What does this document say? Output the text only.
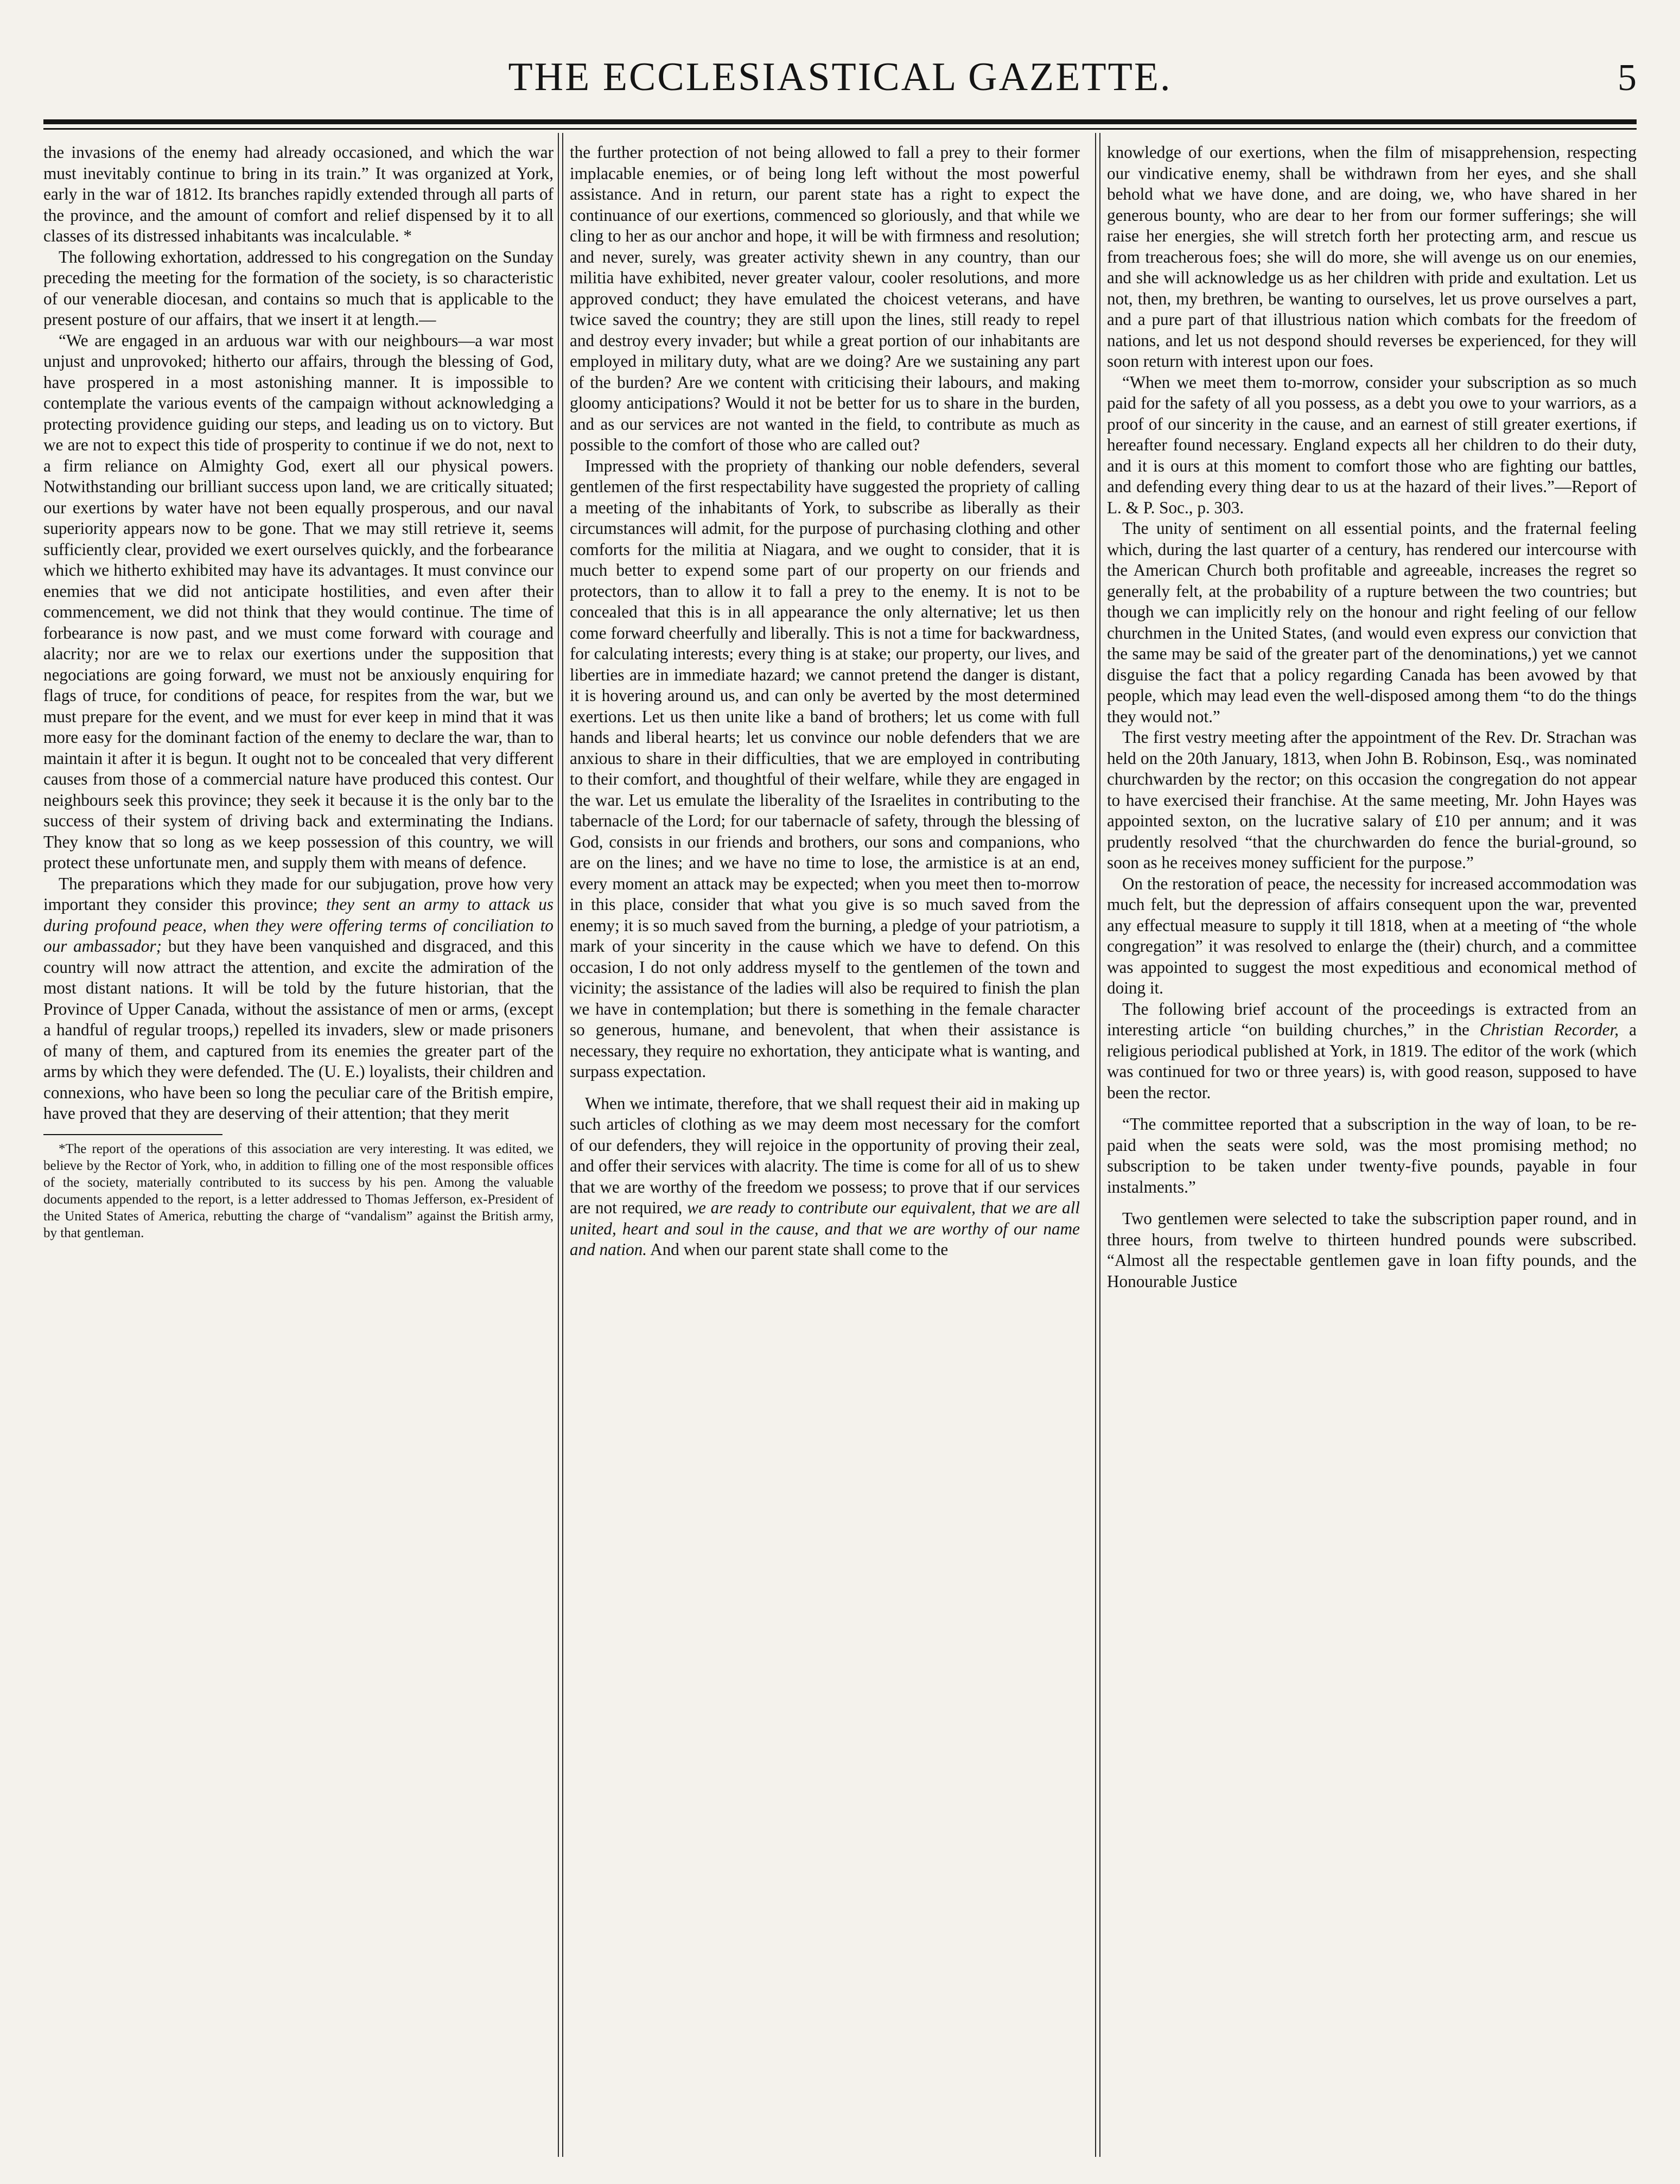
THE ECCLESIASTICAL GAZETTE.	5

the invasions of the enemy had already occasioned, and which the war must inevitably continue to bring in its train.” It was organized at York, early in the war of 1812. Its branches rapidly extended through all parts of the province, and the amount of comfort and relief dispensed by it to all classes of its distressed inhabitants was incalculable. *

The following exhortation, addressed to his congregation on the Sunday preceding the meeting for the formation of the society, is so characteristic of our venerable diocesan, and contains so much that is applicable to the present posture of our affairs, that we insert it at length.—

“We are engaged in an arduous war with our neighbours—a war most unjust and unprovoked; hitherto our affairs, through the blessing of God, have prospered in a most astonishing manner. It is impossible to contemplate the various events of the campaign without acknowledging a protecting providence guiding our steps, and leading us on to victory. But we are not to expect this tide of prosperity to continue if we do not, next to a firm reliance on Almighty God, exert all our physical powers. Notwithstanding our brilliant success upon land, we are critically situated; our exertions by water have not been equally prosperous, and our naval superiority appears now to be gone. That we may still retrieve it, seems sufficiently clear, provided we exert ourselves quickly, and the forbearance which we hitherto exhibited may have its advantages. It must convince our enemies that we did not anticipate hostilities, and even after their commencement, we did not think that they would continue. The time of forbearance is now past, and we must come forward with courage and alacrity; nor are we to relax our exertions under the supposition that negociations are going forward, we must not be anxiously enquiring for flags of truce, for conditions of peace, for respites from the war, but we must prepare for the event, and we must for ever keep in mind that it was more easy for the dominant faction of the enemy to declare the war, than to maintain it after it is begun. It ought not to be concealed that very different causes from those of a commercial nature have produced this contest. Our neighbours seek this province; they seek it because it is the only bar to the success of their system of driving back and exterminating the Indians. They know that so long as we keep possession of this country, we will protect these unfortunate men, and supply them with means of defence.

The preparations which they made for our subjugation, prove how very important they consider this province; they sent an army to attack us during profound peace, when they were offering terms of conciliation to our ambassador; but they have been vanquished and disgraced, and this country will now attract the attention, and excite the admiration of the most distant nations. It will be told by the future historian, that the Province of Upper Canada, without the assistance of men or arms, (except a handful of regular troops,) repelled its invaders, slew or made prisoners of many of them, and captured from its enemies the greater part of the arms by which they were defended. The (U. E.) loyalists, their children and connexions, who have been so long the peculiar care of the British empire, have proved that they are deserving of their attention; that they merit

*The report of the operations of this association are very interesting. It was edited, we believe by the Rector of York, who, in addition to filling one of the most responsible offices of the society, materially contributed to its success by his pen. Among the valuable documents appended to the report, is a letter addressed to Thomas Jefferson, ex-President of the United States of America, rebutting the charge of “vandalism” against the British army, by that gentleman.

the further protection of not being allowed to fall a prey to their former implacable enemies, or of being long left without the most powerful assistance. And in return, our parent state has a right to expect the continuance of our exertions, commenced so gloriously, and that while we cling to her as our anchor and hope, it will be with firmness and resolution; and never, surely, was greater activity shewn in any country, than our militia have exhibited, never greater valour, cooler resolutions, and more approved conduct; they have emulated the choicest veterans, and have twice saved the country; they are still upon the lines, still ready to repel and destroy every invader; but while a great portion of our inhabitants are employed in military duty, what are we doing? Are we sustaining any part of the burden? Are we content with criticising their labours, and making gloomy anticipations? Would it not be better for us to share in the burden, and as our services are not wanted in the field, to contribute as much as possible to the comfort of those who are called out?

Impressed with the propriety of thanking our noble defenders, several gentlemen of the first respectability have suggested the propriety of calling a meeting of the inhabitants of York, to subscribe as liberally as their circumstances will admit, for the purpose of purchasing clothing and other comforts for the militia at Niagara, and we ought to consider, that it is much better to expend some part of our property on our friends and protectors, than to allow it to fall a prey to the enemy. It is not to be concealed that this is in all appearance the only alternative; let us then come forward cheerfully and liberally. This is not a time for backwardness, for calculating interests; every thing is at stake; our property, our lives, and liberties are in immediate hazard; we cannot pretend the danger is distant, it is hovering around us, and can only be averted by the most determined exertions. Let us then unite like a band of brothers; let us come with full hands and liberal hearts; let us convince our noble defenders that we are anxious to share in their difficulties, that we are employed in contributing to their comfort, and thoughtful of their welfare, while they are engaged in the war. Let us emulate the liberality of the Israelites in contributing to the tabernacle of the Lord; for our tabernacle of safety, through the blessing of God, consists in our friends and brothers, our sons and companions, who are on the lines; and we have no time to lose, the armistice is at an end, every moment an attack may be expected; when you meet then to-morrow in this place, consider that what you give is so much saved from the enemy; it is so much saved from the burning, a pledge of your patriotism, a mark of your sincerity in the cause which we have to defend. On this occasion, I do not only address myself to the gentlemen of the town and vicinity; the assistance of the ladies will also be required to finish the plan we have in contemplation; but there is something in the female character so generous, humane, and benevolent, that when their assistance is necessary, they require no exhortation, they anticipate what is wanting, and surpass expectation.

When we intimate, therefore, that we shall request their aid in making up such articles of clothing as we may deem most necessary for the comfort of our defenders, they will rejoice in the opportunity of proving their zeal, and offer their services with alacrity. The time is come for all of us to shew that we are worthy of the freedom we possess; to prove that if our services are not required, we are ready to contribute our equivalent, that we are all united, heart and soul in the cause, and that we are worthy of our name and nation. And when our parent state shall come to the

knowledge of our exertions, when the film of misapprehension, respecting our vindicative enemy, shall be withdrawn from her eyes, and she shall behold what we have done, and are doing, we, who have shared in her generous bounty, who are dear to her from our former sufferings; she will raise her energies, she will stretch forth her protecting arm, and rescue us from treacherous foes; she will do more, she will avenge us on our enemies, and she will acknowledge us as her children with pride and exultation. Let us not, then, my brethren, be wanting to ourselves, let us prove ourselves a part, and a pure part of that illustrious nation which combats for the freedom of nations, and let us not despond should reverses be experienced, for they will soon return with interest upon our foes.

“When we meet them to-morrow, consider your subscription as so much paid for the safety of all you possess, as a debt you owe to your warriors, as a proof of our sincerity in the cause, and an earnest of still greater exertions, if hereafter found necessary. England expects all her children to do their duty, and it is ours at this moment to comfort those who are fighting our battles, and defending every thing dear to us at the hazard of their lives.”—Report of L. & P. Soc., p. 303.

The unity of sentiment on all essential points, and the fraternal feeling which, during the last quarter of a century, has rendered our intercourse with the American Church both profitable and agreeable, increases the regret so generally felt, at the probability of a rupture between the two countries; but though we can implicitly rely on the honour and right feeling of our fellow churchmen in the United States, (and would even express our conviction that the same may be said of the greater part of the denominations,) yet we cannot disguise the fact that a policy regarding Canada has been avowed by that people, which may lead even the well-disposed among them “to do the things they would not.”

The first vestry meeting after the appointment of the Rev. Dr. Strachan was held on the 20th January, 1813, when John B. Robinson, Esq., was nominated churchwarden by the rector; on this occasion the congregation do not appear to have exercised their franchise. At the same meeting, Mr. John Hayes was appointed sexton, on the lucrative salary of £10 per annum; and it was prudently resolved “that the churchwarden do fence the burial-ground, so soon as he receives money sufficient for the purpose.”

On the restoration of peace, the necessity for increased accommodation was much felt, but the depression of affairs consequent upon the war, prevented any effectual measure to supply it till 1818, when at a meeting of “the whole congregation” it was resolved to enlarge the (their) church, and a committee was appointed to suggest the most expeditious and economical method of doing it.

The following brief account of the proceedings is extracted from an interesting article “on building churches,” in the Christian Recorder, a religious periodical published at York, in 1819. The editor of the work (which was continued for two or three years) is, with good reason, supposed to have been the rector.

“The committee reported that a subscription in the way of loan, to be re-paid when the seats were sold, was the most promising method; no subscription to be taken under twenty-five pounds, payable in four instalments.”

Two gentlemen were selected to take the subscription paper round, and in three hours, from twelve to thirteen hundred pounds were subscribed. “Almost all the respectable gentlemen gave in loan fifty pounds, and the Honourable Justice
